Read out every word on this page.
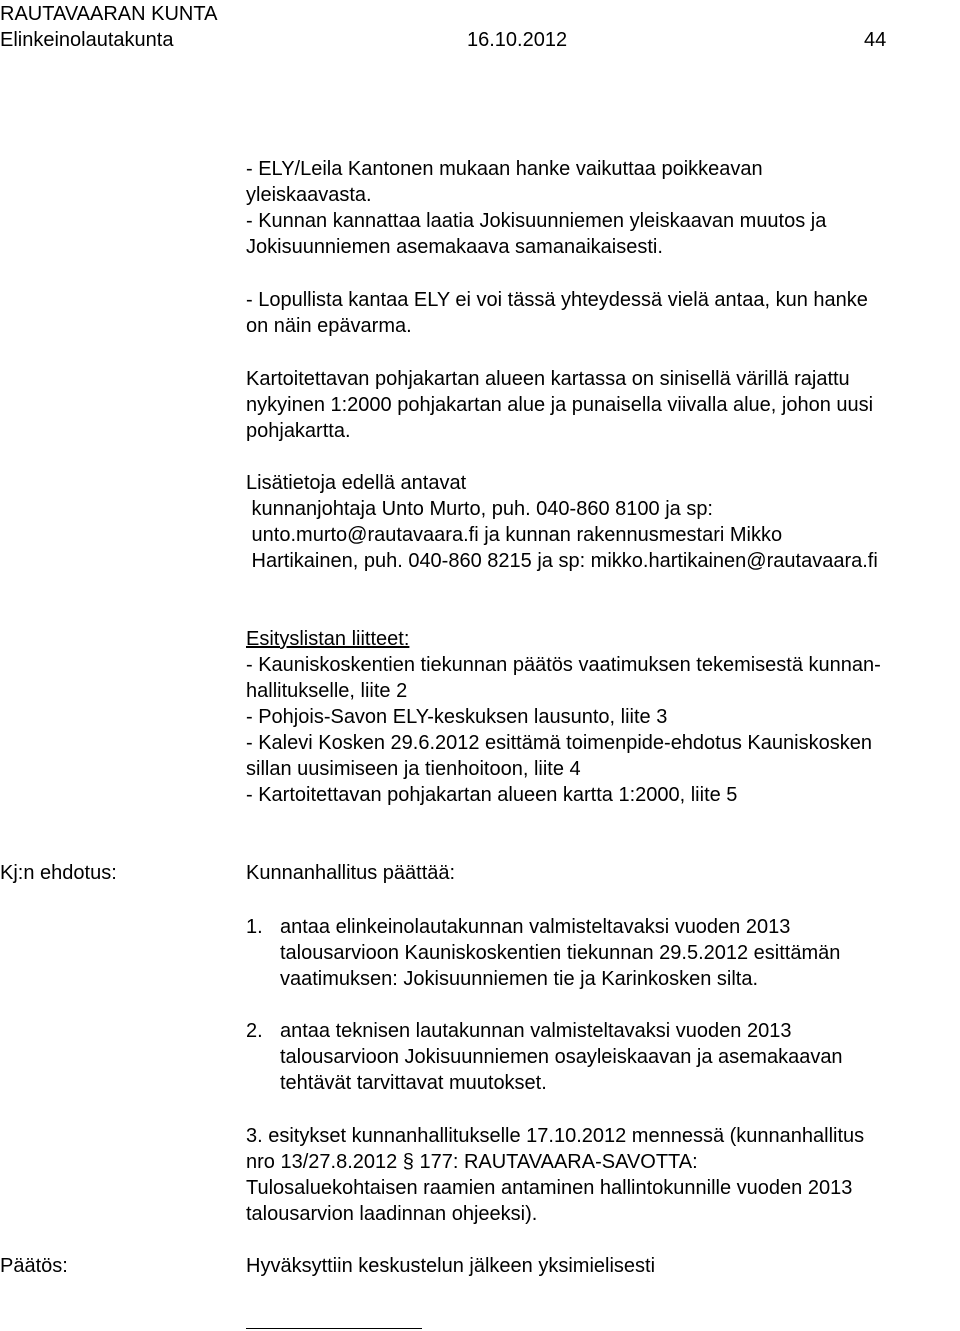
RAUTAVAARAN KUNTA
Elinkeinolautakunta	16.10.2012	44
- ELY/Leila Kantonen mukaan hanke vaikuttaa poikkeavan
yleiskaavasta.
- Kunnan kannattaa laatia Jokisuunniemen yleiskaavan muutos ja
Jokisuunniemen asemakaava samanaikaisesti.
- Lopullista kantaa ELY ei voi tässä yhteydessä vielä antaa, kun hanke
on näin epävarma.
Kartoitettavan pohjakartan alueen kartassa on sinisellä värillä rajattu
nykyinen 1:2000 pohjakartan alue ja punaisella viivalla alue, johon uusi
pohjakartta.
Lisätietoja edellä antavat
kunnanjohtaja Unto Murto, puh. 040-860 8100 ja sp:
unto.murto@rautavaara.fi ja kunnan rakennusmestari Mikko
Hartikainen, puh. 040-860 8215 ja sp: mikko.hartikainen@rautavaara.fi
Esityslistan liitteet:
- Kauniskoskentien tiekunnan päätös vaatimuksen tekemisestä kunnan-
hallitukselle, liite 2
- Pohjois-Savon ELY-keskuksen lausunto, liite 3
- Kalevi Kosken 29.6.2012 esittämä toimenpide-ehdotus Kauniskosken
sillan uusimiseen ja tienhoitoon, liite 4
- Kartoitettavan pohjakartan alueen kartta 1:2000, liite 5
Kj:n ehdotus:	Kunnanhallitus päättää:
1. antaa elinkeinolautakunnan valmisteltavaksi vuoden 2013
talousarvioon Kauniskoskentien tiekunnan 29.5.2012 esittämän
vaatimuksen: Jokisuunniemen tie ja Karinkosken silta.
2. antaa teknisen lautakunnan valmisteltavaksi vuoden 2013
talousarvioon Jokisuunniemen osayleiskaavan ja asemakaavan
tehtävät tarvittavat muutokset.
3. esitykset kunnanhallitukselle 17.10.2012 mennessä (kunnanhallitus
nro 13/27.8.2012 § 177: RAUTAVAARA-SAVOTTA:
Tulosaluekohtaisen raamien antaminen hallintokunnille vuoden 2013
talousarvion laadinnan ohjeeksi).
Päätös:	Hyväksyttiin keskustelun jälkeen yksimielisesti
